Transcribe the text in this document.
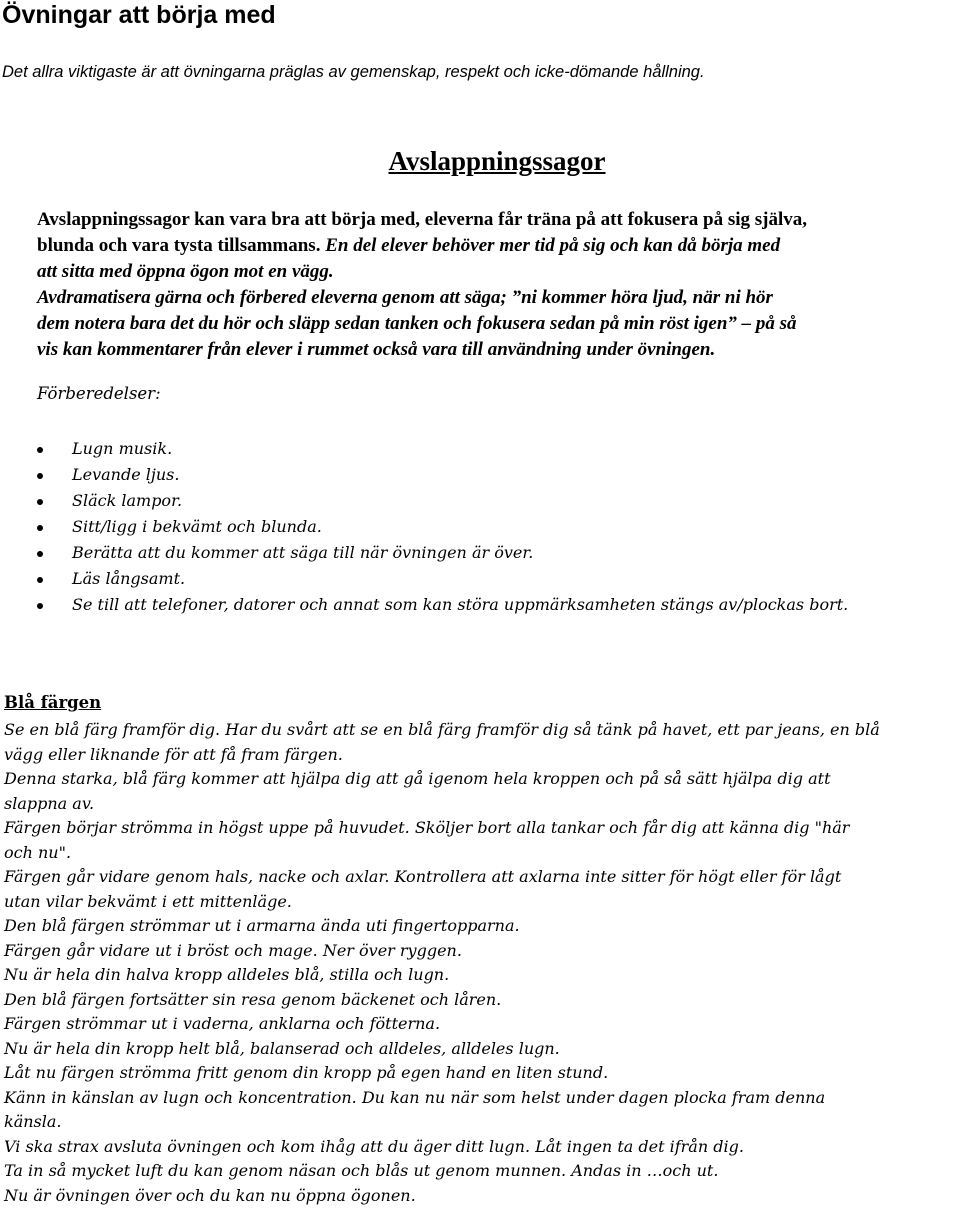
Övningar att börja med

Det allra viktigaste är att övningarna präglas av gemenskap, respekt och icke-dömande hållning.

Avslappningssagor

Avslappningssagor kan vara bra att börja med, eleverna får träna på att fokusera på sig själva,
blunda och vara tysta tillsammans. En del elever behöver mer tid på sig och kan då börja med
att sitta med öppna ögon mot en vägg.

Avdramatisera gärna och förbered eleverna genom att säga; ”ni kommer höra ljud, när ni hör
dem notera bara det du hör och släpp sedan tanken och fokusera sedan på min röst igen” – på så
vis kan kommentarer från elever i rummet också vara till användning under övningen.

Förberedelser:

Lugn musik.
Levande ljus.
Släck lampor.
Sitt/ligg i bekvämt och blunda.
Berätta att du kommer att säga till när övningen är över.
Läs långsamt.
Se till att telefoner, datorer och annat som kan störa uppmärksamheten stängs av/plockas bort.
Blå färgen

Se en blå färg framför dig. Har du svårt att se en blå färg framför dig så tänk på havet, ett par jeans, en blå
vägg eller liknande för att få fram färgen.
Denna starka, blå färg kommer att hjälpa dig att gå igenom hela kroppen och på så sätt hjälpa dig att
slappna av.
Färgen börjar strömma in högst uppe på huvudet. Sköljer bort alla tankar och får dig att känna dig "här
och nu".
Färgen går vidare genom hals, nacke och axlar. Kontrollera att axlarna inte sitter för högt eller för lågt
utan vilar bekvämt i ett mittenläge.
Den blå färgen strömmar ut i armarna ända uti fingertopparna.
Färgen går vidare ut i bröst och mage. Ner över ryggen.
Nu är hela din halva kropp alldeles blå, stilla och lugn.
Den blå färgen fortsätter sin resa genom bäckenet och låren.
Färgen strömmar ut i vaderna, anklarna och fötterna.
Nu är hela din kropp helt blå, balanserad och alldeles, alldeles lugn.
Låt nu färgen strömma fritt genom din kropp på egen hand en liten stund.
Känn in känslan av lugn och koncentration. Du kan nu när som helst under dagen plocka fram denna
känsla.
Vi ska strax avsluta övningen och kom ihåg att du äger ditt lugn. Låt ingen ta det ifrån dig.
Ta in så mycket luft du kan genom näsan och blås ut genom munnen. Andas in …och ut.
Nu är övningen över och du kan nu öppna ögonen.
